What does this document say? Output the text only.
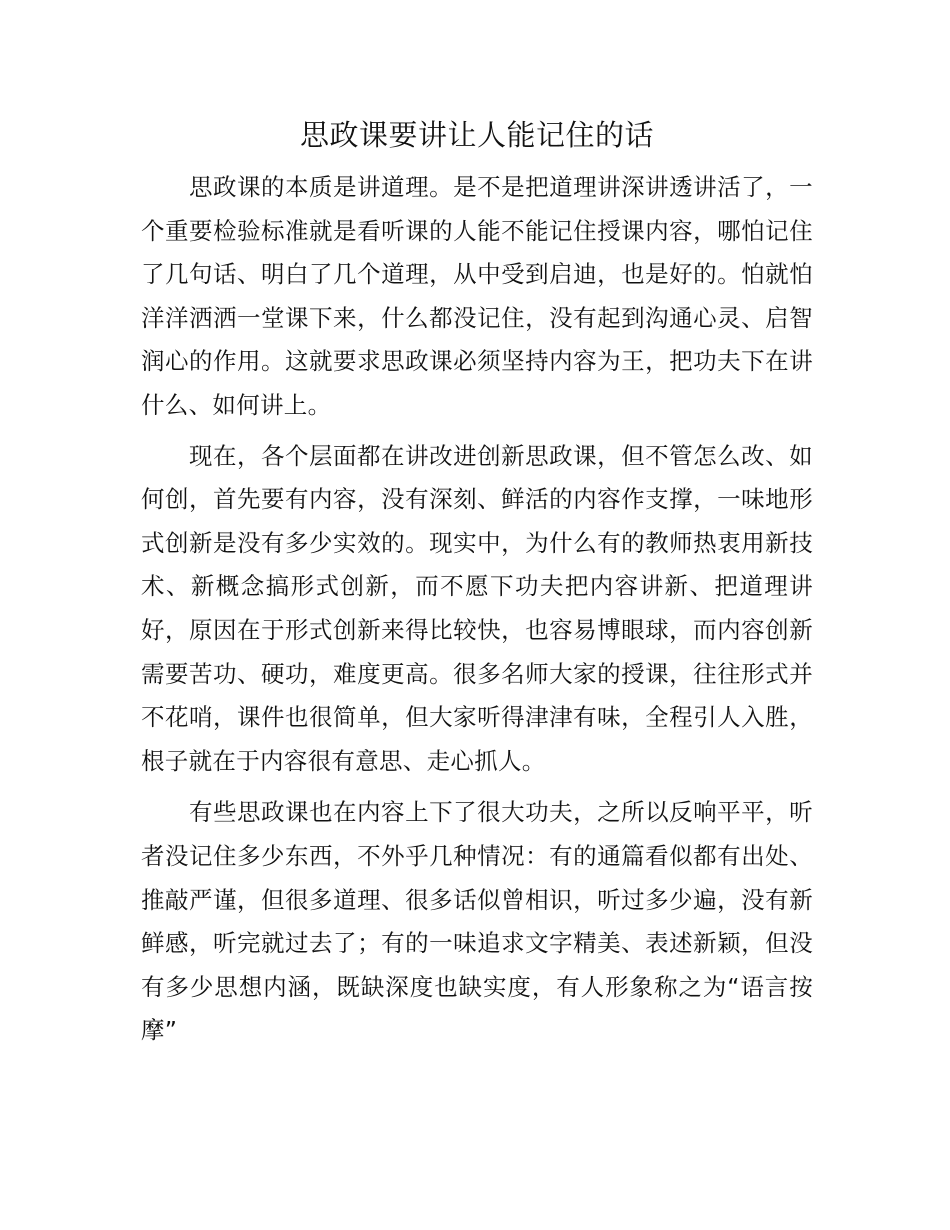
思政课要讲让人能记住的话

思政课的本质是讲道理。是不是把道理讲深讲透讲活了，一个重要检验标准就是看听课的人能不能记住授课内容，哪怕记住了几句话、明白了几个道理，从中受到启迪，也是好的。怕就怕洋洋洒洒一堂课下来，什么都没记住，没有起到沟通心灵、启智润心的作用。这就要求思政课必须坚持内容为王，把功夫下在讲什么、如何讲上。

现在，各个层面都在讲改进创新思政课，但不管怎么改、如何创，首先要有内容，没有深刻、鲜活的内容作支撑，一味地形式创新是没有多少实效的。现实中，为什么有的教师热衷用新技术、新概念搞形式创新，而不愿下功夫把内容讲新、把道理讲好，原因在于形式创新来得比较快，也容易博眼球，而内容创新需要苦功、硬功，难度更高。很多名师大家的授课，往往形式并不花哨，课件也很简单，但大家听得津津有味，全程引人入胜，根子就在于内容很有意思、走心抓人。

有些思政课也在内容上下了很大功夫，之所以反响平平，听者没记住多少东西，不外乎几种情况：有的通篇看似都有出处、推敲严谨，但很多道理、很多话似曾相识，听过多少遍，没有新鲜感，听完就过去了；有的一味追求文字精美、表述新颖，但没有多少思想内涵，既缺深度也缺实度，有人形象称之为“语言按摩”
